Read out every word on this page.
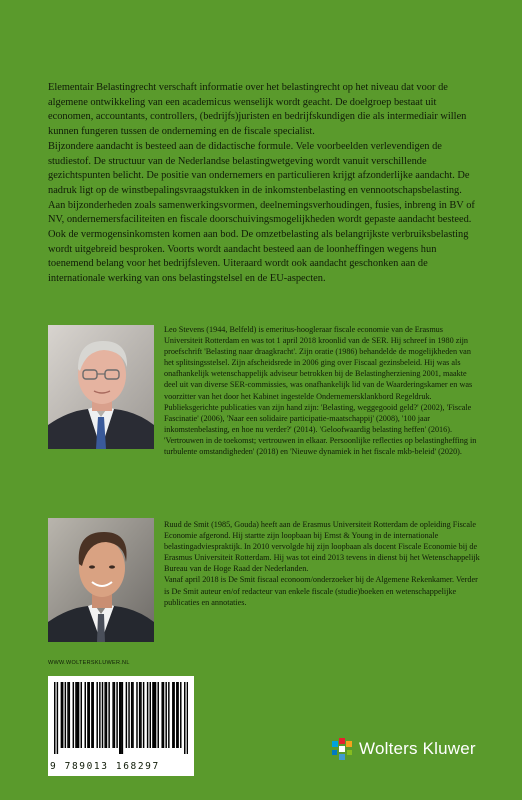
Elementair Belastingrecht verschaft informatie over het belastingrecht op het niveau dat voor de algemene ontwikkeling van een academicus wenselijk wordt geacht. De doelgroep bestaat uit economen, accountants, controllers, (bedrijfs)juristen en bedrijfskundigen die als intermediair willen kunnen fungeren tussen de onderneming en de fiscale specialist.

Bijzondere aandacht is besteed aan de didactische formule. Vele voorbeelden verlevendigen de studiestof. De structuur van de Nederlandse belastingwetgeving wordt vanuit verschillende gezichtspunten belicht. De positie van ondernemers en particulieren krijgt afzonderlijke aandacht. De nadruk ligt op de winstbepalingsvraagstukken in de inkomstenbelasting en vennootschapsbelasting.

Aan bijzonderheden zoals samenwerkingsvormen, deelnemingsverhoudingen, fusies, inbreng in BV of NV, ondernemersfaciliteiten en fiscale doorschuivingsmogelijkheden wordt gepaste aandacht besteed. Ook de vermogensinkomsten komen aan bod. De omzetbelasting als belangrijkste verbruiksbelasting wordt uitgebreid besproken. Voorts wordt aandacht besteed aan de loonheffingen wegens hun toenemend belang voor het bedrijfsleven. Uiteraard wordt ook aandacht geschonken aan de internationale werking van ons belastingstelsel en de EU-aspecten.

Leo Stevens (1944, Belfeld) is emeritus-hoogleraar fiscale economie van de Erasmus Universiteit Rotterdam en was tot 1 april 2018 kroonlid van de SER. Hij schreef in 1980 zijn proefschrift 'Belasting naar draagkracht'. Zijn oratie (1986) behandelde de mogelijkheden van het splitsingsstelsel. Zijn afscheidsrede in 2006 ging over Fiscaal gezinsbeleid. Hij was als onafhankelijk wetenschappelijk adviseur betrokken bij de Belastingherziening 2001, maakte deel uit van diverse SER-commissies, was onafhankelijk lid van de Waarderingskamer en was voorzitter van het door het Kabinet ingestelde Ondernemersklankbord Regeldruk.

Publieksgerichte publicaties van zijn hand zijn: 'Belasting, weggegooid geld?' (2002), 'Fiscale Fascinatie' (2006), 'Naar een solidaire participatie-maatschappij' (2008), '100 jaar inkomstenbelasting, en hoe nu verder?' (2014). 'Geloofwaardig belasting heffen' (2016). 'Vertrouwen in de toekomst; vertrouwen in elkaar. Persoonlijke reflecties op belastingheffing in turbulente omstandigheden' (2018) en 'Nieuwe dynamiek in het fiscale mkb-beleid' (2020).

Ruud de Smit (1985, Gouda) heeft aan de Erasmus Universiteit Rotterdam de opleiding Fiscale Economie afgerond. Hij startte zijn loopbaan bij Ernst & Young in de internationale belastingadviespraktijk. In 2010 vervolgde hij zijn loopbaan als docent Fiscale Economie bij de Erasmus Universiteit Rotterdam. Hij was tot eind 2013 tevens in dienst bij het Wetenschappelijk Bureau van de Hoge Raad der Nederlanden.

Vanaf april 2018 is De Smit fiscaal econoom/onderzoeker bij de Algemene Rekenkamer. Verder is De Smit auteur en/of redacteur van enkele fiscale (studie)boeken en wetenschappelijke publicaties en annotaties.

WWW.WOLTERSKLUWER.NL
9 789013 168297
Wolters Kluwer
